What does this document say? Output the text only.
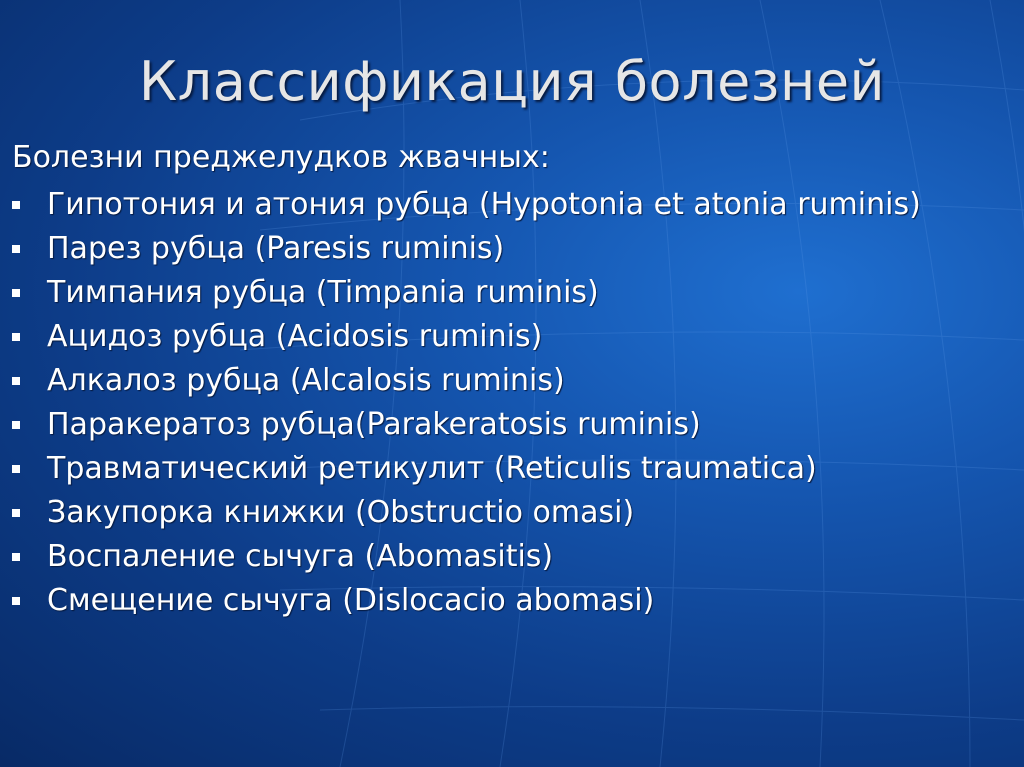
Классификация болезней
Болезни преджелудков жвачных:
Гипотония и атония рубца (Hypotonia et atonia ruminis)
Парез рубца (Paresis ruminis)
Тимпания рубца (Timpania ruminis)
Ацидоз рубца (Acidosis ruminis)
Алкалоз рубца (Alcalosis ruminis)
Паракератоз рубца(Parakeratosis ruminis)
Травматический ретикулит (Reticulis traumatica)
Закупорка книжки (Obstructio omasi)
Воспаление сычуга (Abomasitis)
Смещение сычуга (Dislocacio abomasi)
